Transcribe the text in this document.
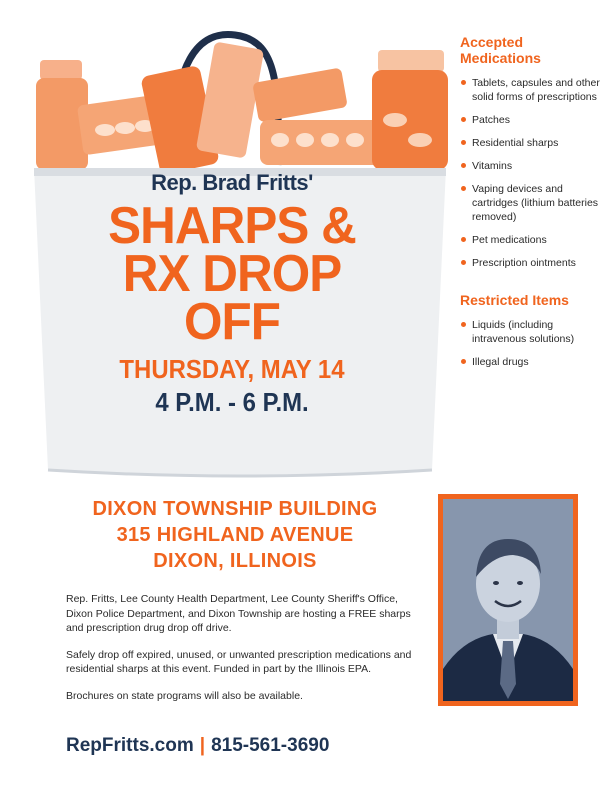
Rep. Brad Fritts'
SHARPS &
RX DROP
OFF
THURSDAY, MAY 14
4 P.M. - 6 P.M.
Accepted
Medications
Tablets, capsules and other solid forms of prescriptions
Patches
Residential sharps
Vitamins
Vaping devices and cartridges (lithium batteries removed)
Pet medications
Prescription ointments
Restricted Items
Liquids (including intravenous solutions)
Illegal drugs
DIXON TOWNSHIP BUILDING
315 HIGHLAND AVENUE
DIXON, ILLINOIS

Rep. Fritts, Lee County Health Department, Lee County Sheriff's Office, Dixon Police Department, and Dixon Township are hosting a FREE sharps and prescription drug drop off drive.

Safely drop off expired, unused, or unwanted prescription medications and residential sharps at this event. Funded in part by the Illinois EPA.

Brochures on state programs will also be available.

RepFritts.com | 815-561-3690
